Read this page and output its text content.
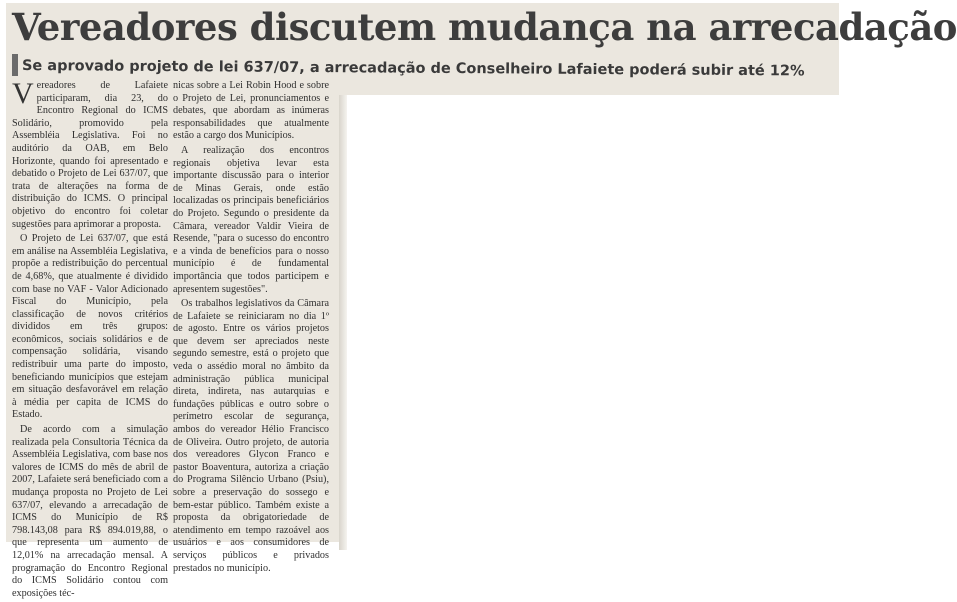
Vereadores discutem mudança na arrecadação
Se aprovado projeto de lei 637/07, a arrecadação de Conselheiro Lafaiete poderá subir até 12%

Vereadores de Lafaiete participaram, dia 23, do Encontro Regional do ICMS Solidário, promovido pela Assembléia Legislativa. Foi no auditório da OAB, em Belo Horizonte, quando foi apresentado e debatido o Projeto de Lei 637/07, que trata de alterações na forma de distribuição do ICMS. O principal objetivo do encontro foi coletar sugestões para aprimorar a proposta.

O Projeto de Lei 637/07, que está em análise na Assembléia Legislativa, propõe a redistribuição do percentual de 4,68%, que atualmente é dividido com base no VAF - Valor Adicionado Fiscal do Município, pela classificação de novos critérios divididos em três grupos: econômicos, sociais solidários e de compensação solidária, visando redistribuir uma parte do imposto, beneficiando municípios que estejam em situação desfavorável em relação à média per capita de ICMS do Estado.

De acordo com a simulação realizada pela Consultoria Técnica da Assembléia Legislativa, com base nos valores de ICMS do mês de abril de 2007, Lafaiete será beneficiado com a mudança proposta no Projeto de Lei 637/07, elevando a arrecadação de ICMS do Município de R$ 798.143,08 para R$ 894.019,88, o que representa um aumento de 12,01% na arrecadação mensal. A programação do Encontro Regional do ICMS Solidário contou com exposições téc-

nicas sobre a Lei Robin Hood e sobre o Projeto de Lei, pronunciamentos e debates, que abordam as inúmeras responsabilidades que atualmente estão a cargo dos Municípios.

A realização dos encontros regionais objetiva levar esta importante discussão para o interior de Minas Gerais, onde estão localizadas os principais beneficiários do Projeto. Segundo o presidente da Câmara, vereador Valdir Vieira de Resende, "para o sucesso do encontro e a vinda de benefícios para o nosso município é de fundamental importância que todos participem e apresentem sugestões".

Os trabalhos legislativos da Câmara de Lafaiete se reiniciaram no dia 1º de agosto. Entre os vários projetos que devem ser apreciados neste segundo semestre, está o projeto que veda o assédio moral no âmbito da administração pública municipal direta, indireta, nas autarquias e fundações públicas e outro sobre o perímetro escolar de segurança, ambos do vereador Hélio Francisco de Oliveira. Outro projeto, de autoria dos vereadores Glycon Franco e pastor Boaventura, autoriza a criação do Programa Silêncio Urbano (Psiu), sobre a preservação do sossego e bem-estar público. Também existe a proposta da obrigatoriedade de atendimento em tempo razoável aos usuários e aos consumidores de serviços públicos e privados prestados no município.
